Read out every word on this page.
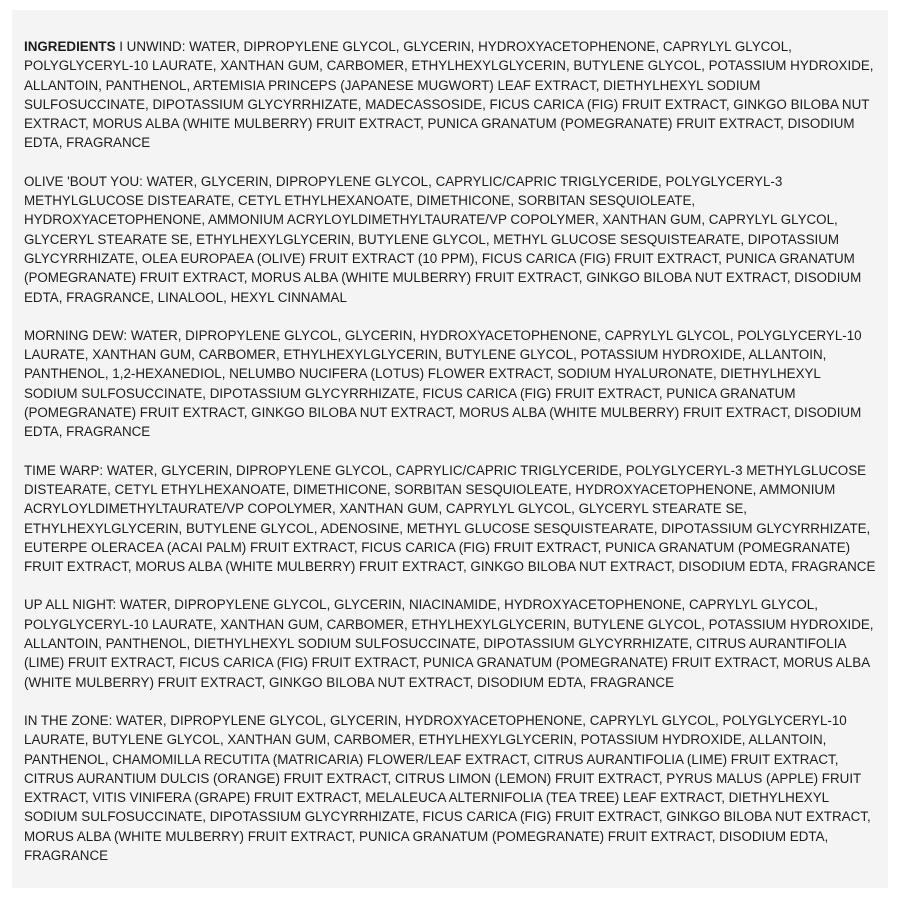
INGREDIENTS I UNWIND: WATER, DIPROPYLENE GLYCOL, GLYCERIN, HYDROXYACETOPHENONE, CAPRYLYL GLYCOL, POLYGLYCERYL-10 LAURATE, XANTHAN GUM, CARBOMER, ETHYLHEXYLGLYCERIN, BUTYLENE GLYCOL, POTASSIUM HYDROXIDE, ALLANTOIN, PANTHENOL, ARTEMISIA PRINCEPS (JAPANESE MUGWORT) LEAF EXTRACT, DIETHYLHEXYL SODIUM SULFOSUCCINATE, DIPOTASSIUM GLYCYRRHIZATE, MADECASSOSIDE, FICUS CARICA (FIG) FRUIT EXTRACT, GINKGO BILOBA NUT EXTRACT, MORUS ALBA (WHITE MULBERRY) FRUIT EXTRACT, PUNICA GRANATUM (POMEGRANATE) FRUIT EXTRACT, DISODIUM EDTA, FRAGRANCE

OLIVE 'BOUT YOU: WATER, GLYCERIN, DIPROPYLENE GLYCOL, CAPRYLIC/CAPRIC TRIGLYCERIDE, POLYGLYCERYL-3 METHYLGLUCOSE DISTEARATE, CETYL ETHYLHEXANOATE, DIMETHICONE, SORBITAN SESQUIOLEATE, HYDROXYACETOPHENONE, AMMONIUM ACRYLOYLDIMETHYLTAURATE/VP COPOLYMER, XANTHAN GUM, CAPRYLYL GLYCOL, GLYCERYL STEARATE SE, ETHYLHEXYLGLYCERIN, BUTYLENE GLYCOL, METHYL GLUCOSE SESQUISTEARATE, DIPOTASSIUM GLYCYRRHIZATE, OLEA EUROPAEA (OLIVE) FRUIT EXTRACT (10 PPM), FICUS CARICA (FIG) FRUIT EXTRACT, PUNICA GRANATUM (POMEGRANATE) FRUIT EXTRACT, MORUS ALBA (WHITE MULBERRY) FRUIT EXTRACT, GINKGO BILOBA NUT EXTRACT, DISODIUM EDTA, FRAGRANCE, LINALOOL, HEXYL CINNAMAL

MORNING DEW: WATER, DIPROPYLENE GLYCOL, GLYCERIN, HYDROXYACETOPHENONE, CAPRYLYL GLYCOL, POLYGLYCERYL-10 LAURATE, XANTHAN GUM, CARBOMER, ETHYLHEXYLGLYCERIN, BUTYLENE GLYCOL, POTASSIUM HYDROXIDE, ALLANTOIN, PANTHENOL, 1,2-HEXANEDIOL, NELUMBO NUCIFERA (LOTUS) FLOWER EXTRACT, SODIUM HYALURONATE, DIETHYLHEXYL SODIUM SULFOSUCCINATE, DIPOTASSIUM GLYCYRRHIZATE, FICUS CARICA (FIG) FRUIT EXTRACT, PUNICA GRANATUM (POMEGRANATE) FRUIT EXTRACT, GINKGO BILOBA NUT EXTRACT, MORUS ALBA (WHITE MULBERRY) FRUIT EXTRACT, DISODIUM EDTA, FRAGRANCE

TIME WARP: WATER, GLYCERIN, DIPROPYLENE GLYCOL, CAPRYLIC/CAPRIC TRIGLYCERIDE, POLYGLYCERYL-3 METHYLGLUCOSE DISTEARATE, CETYL ETHYLHEXANOATE, DIMETHICONE, SORBITAN SESQUIOLEATE, HYDROXYACETOPHENONE, AMMONIUM ACRYLOYLDIMETHYLTAURATE/VP COPOLYMER, XANTHAN GUM, CAPRYLYL GLYCOL, GLYCERYL STEARATE SE, ETHYLHEXYLGLYCERIN, BUTYLENE GLYCOL, ADENOSINE, METHYL GLUCOSE SESQUISTEARATE, DIPOTASSIUM GLYCYRRHIZATE, EUTERPE OLERACEA (ACAI PALM) FRUIT EXTRACT, FICUS CARICA (FIG) FRUIT EXTRACT, PUNICA GRANATUM (POMEGRANATE) FRUIT EXTRACT, MORUS ALBA (WHITE MULBERRY) FRUIT EXTRACT, GINKGO BILOBA NUT EXTRACT, DISODIUM EDTA, FRAGRANCE

UP ALL NIGHT: WATER, DIPROPYLENE GLYCOL, GLYCERIN, NIACINAMIDE, HYDROXYACETOPHENONE, CAPRYLYL GLYCOL, POLYGLYCERYL-10 LAURATE, XANTHAN GUM, CARBOMER, ETHYLHEXYLGLYCERIN, BUTYLENE GLYCOL, POTASSIUM HYDROXIDE, ALLANTOIN, PANTHENOL, DIETHYLHEXYL SODIUM SULFOSUCCINATE, DIPOTASSIUM GLYCYRRHIZATE, CITRUS AURANTIFOLIA (LIME) FRUIT EXTRACT, FICUS CARICA (FIG) FRUIT EXTRACT, PUNICA GRANATUM (POMEGRANATE) FRUIT EXTRACT, MORUS ALBA (WHITE MULBERRY) FRUIT EXTRACT, GINKGO BILOBA NUT EXTRACT, DISODIUM EDTA, FRAGRANCE

IN THE ZONE: WATER, DIPROPYLENE GLYCOL, GLYCERIN, HYDROXYACETOPHENONE, CAPRYLYL GLYCOL, POLYGLYCERYL-10 LAURATE, BUTYLENE GLYCOL, XANTHAN GUM, CARBOMER, ETHYLHEXYLGLYCERIN, POTASSIUM HYDROXIDE, ALLANTOIN, PANTHENOL, CHAMOMILLA RECUTITA (MATRICARIA) FLOWER/LEAF EXTRACT, CITRUS AURANTIFOLIA (LIME) FRUIT EXTRACT, CITRUS AURANTIUM DULCIS (ORANGE) FRUIT EXTRACT, CITRUS LIMON (LEMON) FRUIT EXTRACT, PYRUS MALUS (APPLE) FRUIT EXTRACT, VITIS VINIFERA (GRAPE) FRUIT EXTRACT, MELALEUCA ALTERNIFOLIA (TEA TREE) LEAF EXTRACT, DIETHYLHEXYL SODIUM SULFOSUCCINATE, DIPOTASSIUM GLYCYRRHIZATE, FICUS CARICA (FIG) FRUIT EXTRACT, GINKGO BILOBA NUT EXTRACT, MORUS ALBA (WHITE MULBERRY) FRUIT EXTRACT, PUNICA GRANATUM (POMEGRANATE) FRUIT EXTRACT, DISODIUM EDTA, FRAGRANCE
